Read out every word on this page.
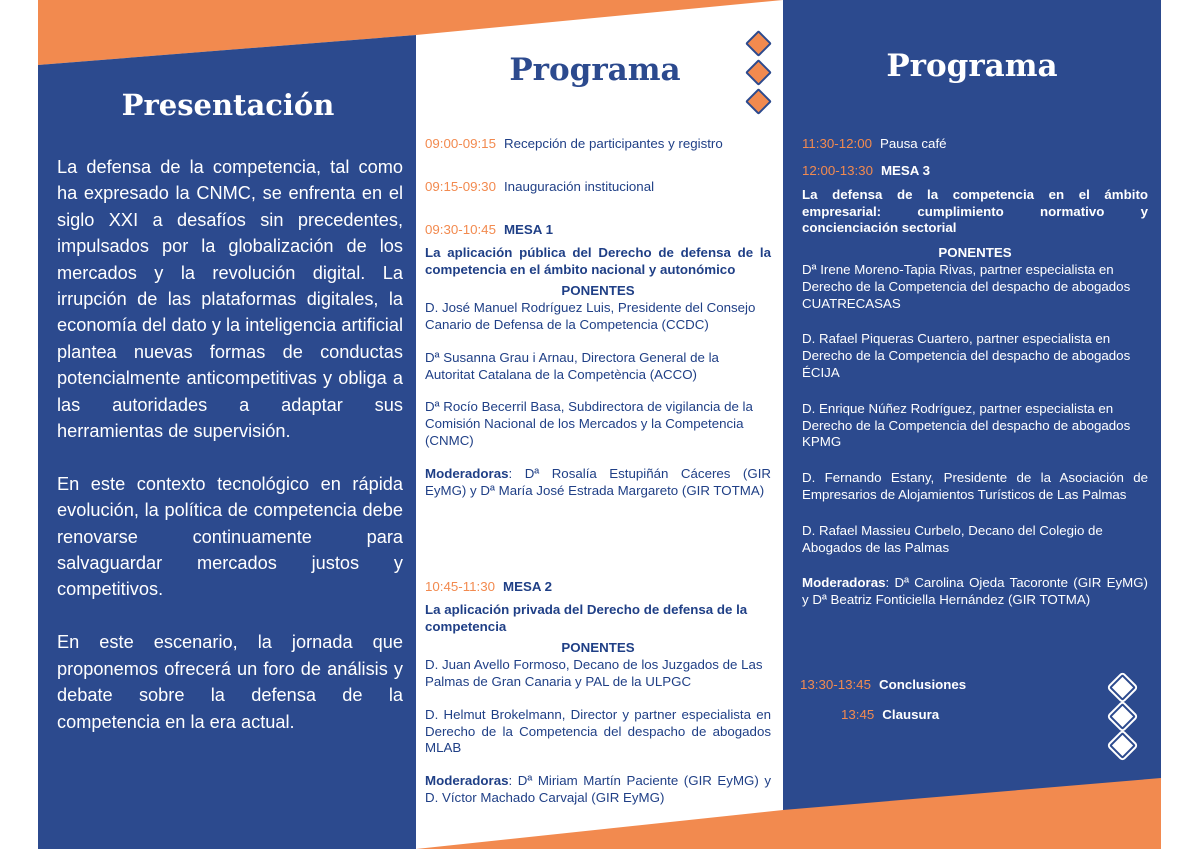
Presentación

La defensa de la competencia, tal como ha expresado la CNMC, se enfrenta en el siglo XXI a desafíos sin precedentes, impulsados por la globalización de los mercados y la revolución digital. La irrupción de las plataformas digitales, la economía del dato y la inteligencia artificial plantea nuevas formas de conductas potencialmente anticompetitivas y obliga a las autoridades a adaptar sus herramientas de supervisión.

En este contexto tecnológico en rápida evolución, la política de competencia debe renovarse continuamente para salvaguardar mercados justos y competitivos.

En este escenario, la jornada que proponemos ofrecerá un foro de análisis y debate sobre la defensa de la competencia en la era actual.

Programa
09:00-09:15 Recepción de participantes y registro
09:15-09:30 Inauguración institucional
09:30-10:45 MESA 1
La aplicación pública del Derecho de defensa de la competencia en el ámbito nacional y autonómico
PONENTES
D. José Manuel Rodríguez Luis, Presidente del Consejo Canario de Defensa de la Competencia (CCDC)
Dª Susanna Grau i Arnau, Directora General de la Autoritat Catalana de la Competència (ACCO)
Dª Rocío Becerril Basa, Subdirectora de vigilancia de la Comisión Nacional de los Mercados y la Competencia (CNMC)
Moderadoras: Dª Rosalía Estupiñán Cáceres (GIR EyMG) y Dª María José Estrada Margareto (GIR TOTMA)
10:45-11:30 MESA 2
La aplicación privada del Derecho de defensa de la competencia
PONENTES
D. Juan Avello Formoso, Decano de los Juzgados de Las Palmas de Gran Canaria y PAL de la ULPGC
D. Helmut Brokelmann, Director y partner especialista en Derecho de la Competencia del despacho de abogados MLAB
Moderadoras: Dª Miriam Martín Paciente (GIR EyMG) y D. Víctor Machado Carvajal (GIR EyMG)
Programa
11:30-12:00 Pausa café
12:00-13:30 MESA 3
La defensa de la competencia en el ámbito empresarial: cumplimiento normativo y concienciación sectorial
PONENTES
Dª Irene Moreno-Tapia Rivas, partner especialista en Derecho de la Competencia del despacho de abogados CUATRECASAS
D. Rafael Piqueras Cuartero, partner especialista en Derecho de la Competencia del despacho de abogados ÉCIJA
D. Enrique Núñez Rodríguez, partner especialista en Derecho de la Competencia del despacho de abogados KPMG
D. Fernando Estany, Presidente de la Asociación de Empresarios de Alojamientos Turísticos de Las Palmas
D. Rafael Massieu Curbelo, Decano del Colegio de Abogados de las Palmas
Moderadoras: Dª Carolina Ojeda Tacoronte (GIR EyMG) y Dª Beatriz Fonticiella Hernández (GIR TOTMA)
13:30-13:45 Conclusiones
13:45 Clausura
